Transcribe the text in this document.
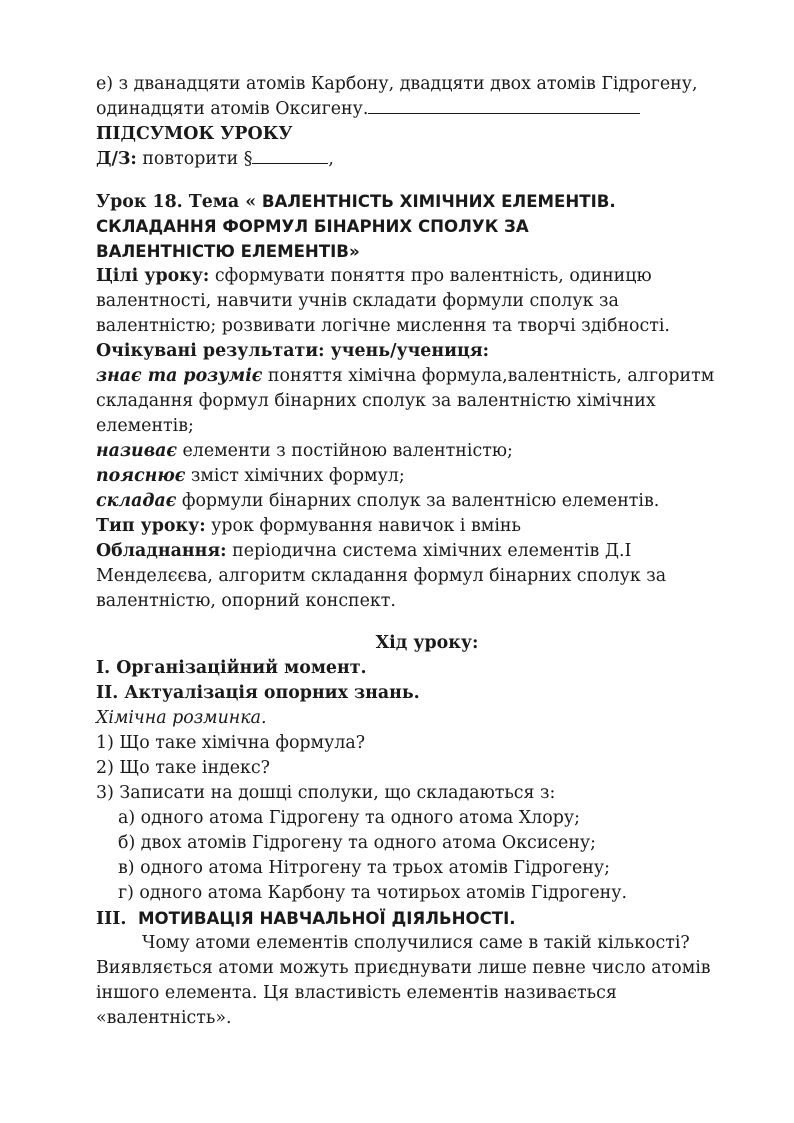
е) з дванадцяти атомів Карбону, двадцяти двох атомів Гідрогену,
одинадцяти атомів Оксигену.
ПІДСУМОК УРОКУ
Д/З: повторити §	,
Урок 18. Тема « ВАЛЕНТНІСТЬ ХІМІЧНИХ ЕЛЕМЕНТІВ.
СКЛАДАННЯ ФОРМУЛ БІНАРНИХ СПОЛУК ЗА
ВАЛЕНТНІСТЮ ЕЛЕМЕНТІВ»
Цілі уроку: сформувати поняття про валентність, одиницю
валентності, навчити учнів складати формули сполук за
валентністю; розвивати логічне мислення та творчі здібності.
Очікувані результати: учень/учениця:
знає та розуміє поняття хімічна формула,валентність, алгоритм
складання формул бінарних сполук за валентністю хімічних
елементів;
називає елементи з постійною валентністю;
пояснює зміст хімічних формул;
складає формули бінарних сполук за валентнісю елементів.
Тип уроку: урок формування навичок і вмінь
Обладнання: періодична система хімічних елементів Д.І
Менделєєва, алгоритм складання формул бінарних сполук за
валентністю, опорний конспект.
Хід уроку:
І. Організаційний момент.
ІІ. Актуалізація опорних знань.
Хімічна розминка.
1) Що таке хімічна формула?
2) Що таке індекс?
3) Записати на дошці сполуки, що складаються з:
а) одного атома Гідрогену та одного атома Хлору;
б) двох атомів Гідрогену та одного атома Оксисену;
в) одного атома Нітрогену та трьох атомів Гідрогену;
г) одного атома Карбону та чотирьох атомів Гідрогену.
ІІІ.  МОТИВАЦІЯ НАВЧАЛЬНОЇ ДІЯЛЬНОСТІ.
Чому атоми елементів сполучилися саме в такій кількості?
Виявляється атоми можуть приєднувати лише певне число атомів
іншого елемента. Ця властивість елементів називається
«валентність».
